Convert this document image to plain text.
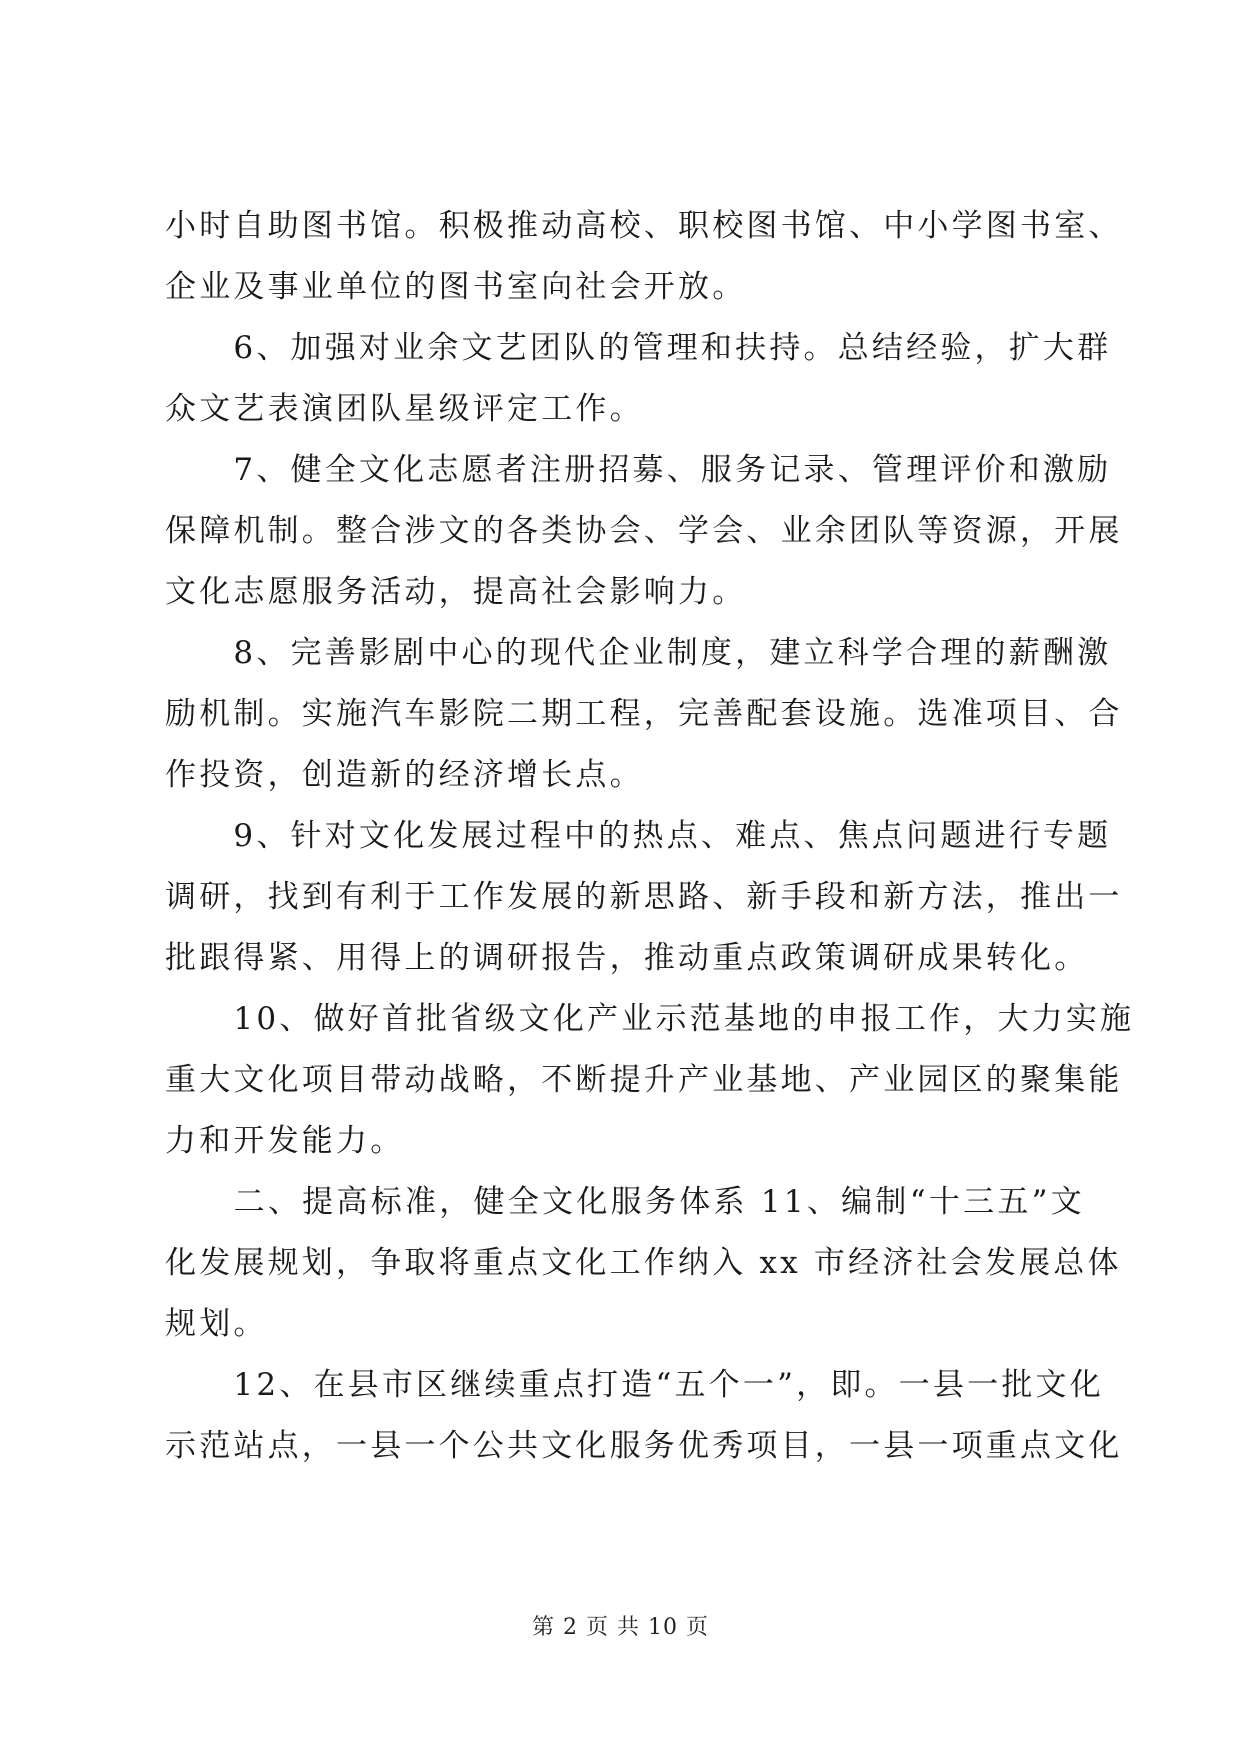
小时自助图书馆。积极推动高校、职校图书馆、中小学图书室、
企业及事业单位的图书室向社会开放。
　　6、加强对业余文艺团队的管理和扶持。总结经验，扩大群
众文艺表演团队星级评定工作。
　　7、健全文化志愿者注册招募、服务记录、管理评价和激励
保障机制。整合涉文的各类协会、学会、业余团队等资源，开展
文化志愿服务活动，提高社会影响力。
　　8、完善影剧中心的现代企业制度，建立科学合理的薪酬激
励机制。实施汽车影院二期工程，完善配套设施。选准项目、合
作投资，创造新的经济增长点。
　　9、针对文化发展过程中的热点、难点、焦点问题进行专题
调研，找到有利于工作发展的新思路、新手段和新方法，推出一
批跟得紧、用得上的调研报告，推动重点政策调研成果转化。
　　10、做好首批省级文化产业示范基地的申报工作，大力实施
重大文化项目带动战略，不断提升产业基地、产业园区的聚集能
力和开发能力。
　　二、提高标准，健全文化服务体系 11、编制“十三五”文
化发展规划，争取将重点文化工作纳入 xx 市经济社会发展总体
规划。
　　12、在县市区继续重点打造“五个一”，即。一县一批文化
示范站点，一县一个公共文化服务优秀项目，一县一项重点文化
第 2 页 共 10 页
